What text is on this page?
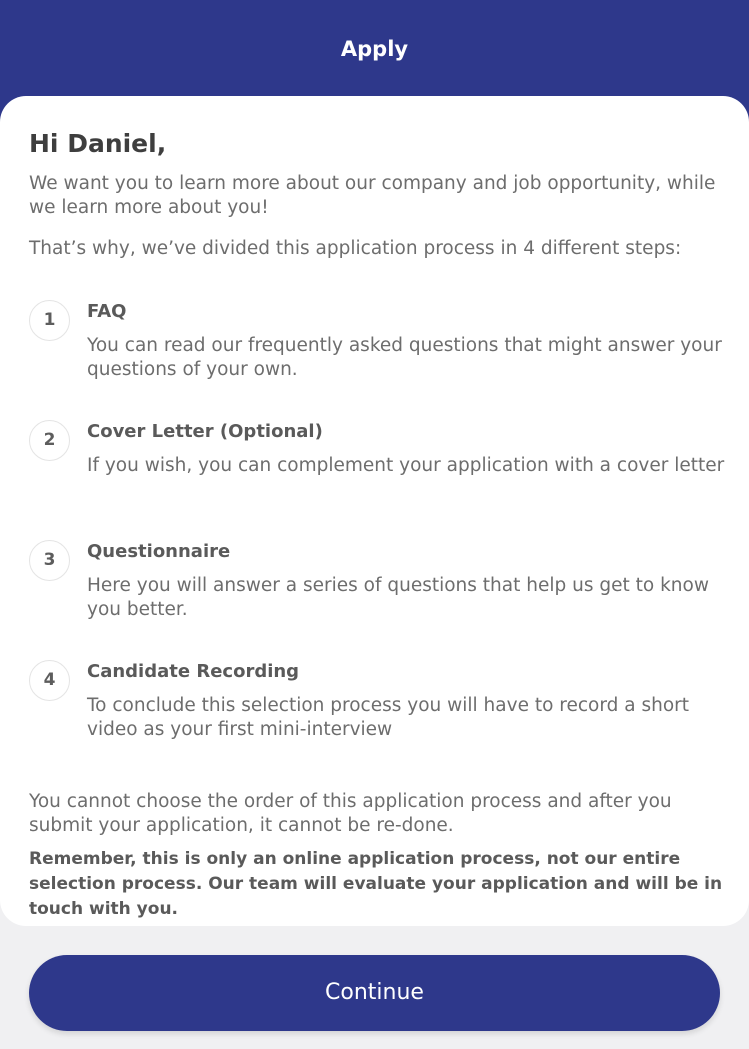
Apply
Hi Daniel,

We want you to learn more about our company and job opportunity, while we learn more about you!

That’s why, we’ve divided this application process in 4 different steps:

1	FAQ

You can read our frequently asked questions that might answer your questions of your own.

2	Cover Letter (Optional)

If you wish, you can complement your application with a cover letter

3	Questionnaire

Here you will answer a series of questions that help us get to know you better.

4	Candidate Recording

To conclude this selection process you will have to record a short video as your first mini-interview

You cannot choose the order of this application process and after you submit your application, it cannot be re-done.

Remember, this is only an online application process, not our entire selection process. Our team will evaluate your application and will be in touch with you.

Continue
